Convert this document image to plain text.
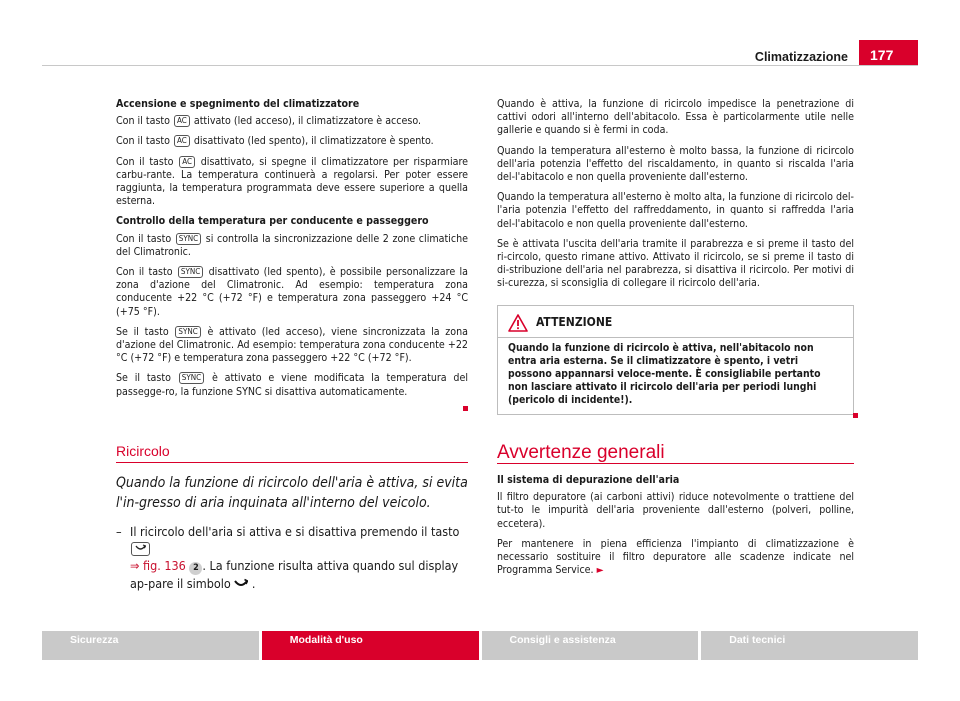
Climatizzazione	177

Accensione e spegnimento del climatizzatore

Con il tasto AC attivato (led acceso), il climatizzatore è acceso.

Con il tasto AC disattivato (led spento), il climatizzatore è spento.

Con il tasto AC disattivato, si spegne il climatizzatore per risparmiare carbu-rante. La temperatura continuerà a regolarsi. Per poter essere raggiunta, la temperatura programmata deve essere superiore a quella esterna.

Controllo della temperatura per conducente e passeggero

Con il tasto SYNC si controlla la sincronizzazione delle 2 zone climatiche del Climatronic.

Con il tasto SYNC disattivato (led spento), è possibile personalizzare la zona d'azione del Climatronic. Ad esempio: temperatura zona conducente +22 °C (+72 °F) e temperatura zona passeggero +24 °C (+75 °F).

Se il tasto SYNC è attivato (led acceso), viene sincronizzata la zona d'azione del Climatronic. Ad esempio: temperatura zona conducente +22 °C (+72 °F) e temperatura zona passeggero +22 °C (+72 °F).

Se il tasto SYNC è attivato e viene modificata la temperatura del passegge-ro, la funzione SYNC si disattiva automaticamente.

Ricircolo
Quando la funzione di ricircolo dell'aria è attiva, si evita l'in-gresso di aria inquinata all'interno del veicolo.
– Il ricircolo dell'aria si attiva e si disattiva premendo il tasto
⇒ fig. 136 2 . La funzione risulta attiva quando sul display ap-pare il simbolo .

Quando è attiva, la funzione di ricircolo impedisce la penetrazione di cattivi odori all'interno dell'abitacolo. Essa è particolarmente utile nelle gallerie e quando si è fermi in coda.

Quando la temperatura all'esterno è molto bassa, la funzione di ricircolo dell'aria potenzia l'effetto del riscaldamento, in quanto si riscalda l'aria del-l'abitacolo e non quella proveniente dall'esterno.

Quando la temperatura all'esterno è molto alta, la funzione di ricircolo del-l'aria potenzia l'effetto del raffreddamento, in quanto si raffredda l'aria del-l'abitacolo e non quella proveniente dall'esterno.

Se è attivata l'uscita dell'aria tramite il parabrezza e si preme il tasto del ri-circolo, questo rimane attivo. Attivato il ricircolo, se si preme il tasto di di-stribuzione dell'aria nel parabrezza, si disattiva il ricircolo. Per motivi di si-curezza, si sconsiglia di collegare il ricircolo dell'aria.

ATTENZIONE
Quando la funzione di ricircolo è attiva, nell'abitacolo non entra aria esterna. Se il climatizzatore è spento, i vetri possono appannarsi veloce-mente. È consigliabile pertanto non lasciare attivato il ricircolo dell'aria per periodi lunghi (pericolo di incidente!).
Avvertenze generali

Il sistema di depurazione dell'aria

Il filtro depuratore (ai carboni attivi) riduce notevolmente o trattiene del tut-to le impurità dell'aria proveniente dall'esterno (polveri, polline, eccetera).

Per mantenere in piena efficienza l'impianto di climatizzazione è necessario sostituire il filtro depuratore alle scadenze indicate nel Programma Service. ►

Sicurezza	Modalità d'uso	Consigli e assistenza	Dati tecnici
